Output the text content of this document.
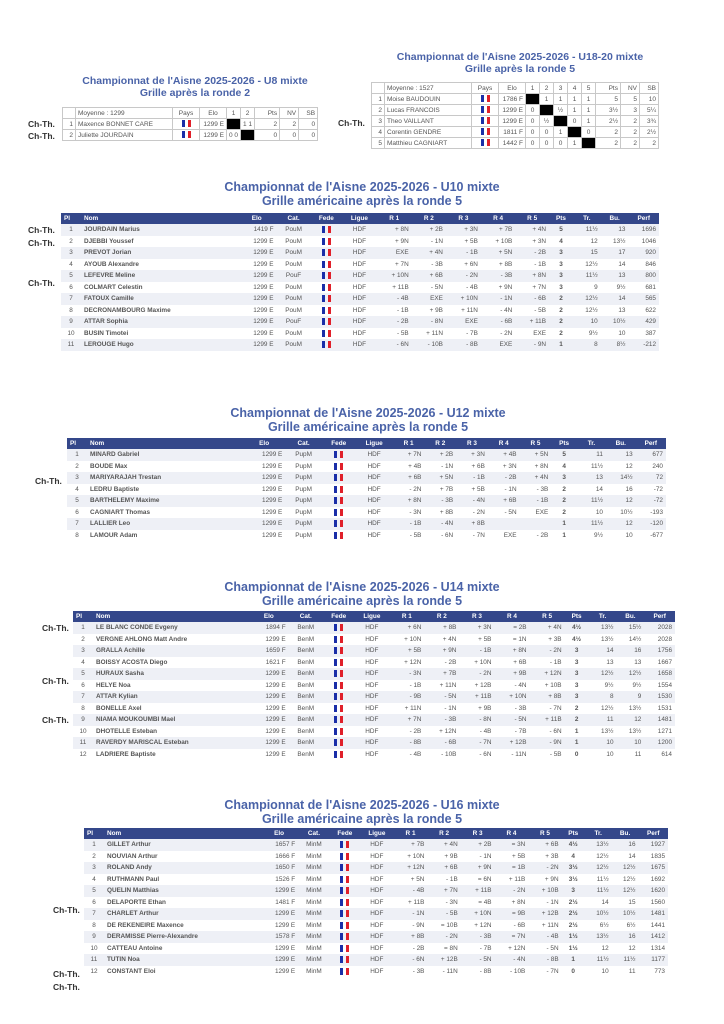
Championnat de l'Aisne 2025-2026 - U8 mixte
Grille après la ronde 2
Ch-Th.
Ch-Th.
	Moyenne : 1299	Pays	Elo	1	2	Pts	NV	SB
1	Maxence BONNET CARE		1299 E		1 1	2	2	0
2	Juliette JOURDAIN		1299 E	0 0		0	0	0
Championnat de l'Aisne 2025-2026 - U18-20 mixte
Grille après la ronde 5
Ch-Th.
	Moyenne : 1527	Pays	Elo	1	2	3	4	5	Pts	NV	SB
1	Moise BAUDOUIN		1786 F		1	1	1	1	5	5	10
2	Lucas FRANCOIS		1299 E	0		½	1	1	3½	3	5¼
3	Theo VAILLANT		1299 E	0	½		0	1	2½	2	3¾
4	Corentin GENDRE		1811 F	0	0	1		0	2	2	2½
5	Matthieu CAGNIART		1442 F	0	0	0	1		2	2	2
Championnat de l'Aisne 2025-2026 - U10 mixte
Grille américaine après la ronde 5
Ch-Th.
Ch-Th.
Ch-Th.
Pl	Nom	Elo	Cat.	Fede	Ligue	R 1	R 2	R 3	R 4	R 5	Pts	Tr.	Bu.	Perf
1	JOURDAIN Marius	1419 F	PouM		HDF	+ 8N	+ 2B	+ 3N	+ 7B	+ 4N	5	11½	13	1696
2	DJEBBI Youssef	1299 E	PouM		HDF	+ 9N	- 1N	+ 5B	+ 10B	+ 3N	4	12	13½	1046
3	PREVOT Jorian	1299 E	PouM		HDF	EXE	+ 4N	- 1B	+ 5N	- 2B	3	15	17	920
4	AYOUB Alexandre	1299 E	PouM		HDF	+ 7N	- 3B	+ 6N	+ 8B	- 1B	3	12½	14	846
5	LEFEVRE Meline	1299 E	PouF		HDF	+ 10N	+ 6B	- 2N	- 3B	+ 8N	3	11½	13	800
6	COLMART Celestin	1299 E	PouM		HDF	+ 11B	- 5N	- 4B	+ 9N	+ 7N	3	9	9½	681
7	FATOUX Camille	1299 E	PouM		HDF	- 4B	EXE	+ 10N	- 1N	- 6B	2	12½	14	565
8	DECRONAMBOURG Maxime	1299 E	PouM		HDF	- 1B	+ 9B	+ 11N	- 4N	- 5B	2	12½	13	622
9	ATTAR Sophia	1299 E	PouF		HDF	- 2B	- 8N	EXE	- 6B	+ 11B	2	10	10½	429
10	BUSIN Timotei	1299 E	PouM		HDF	- 5B	+ 11N	- 7B	- 2N	EXE	2	9½	10	387
11	LEROUGE Hugo	1299 E	PouM		HDF	- 6N	- 10B	- 8B	EXE	- 9N	1	8	8½	-212
Championnat de l'Aisne 2025-2026 - U12 mixte
Grille américaine après la ronde 5
Ch-Th.
Pl	Nom	Elo	Cat.	Fede	Ligue	R 1	R 2	R 3	R 4	R 5	Pts	Tr.	Bu.	Perf
1	MINARD Gabriel	1299 E	PupM		HDF	+ 7N	+ 2B	+ 3N	+ 4B	+ 5N	5	11	13	677
2	BOUDE Max	1299 E	PupM		HDF	+ 4B	- 1N	+ 6B	+ 3N	+ 8N	4	11½	12	240
3	MARIYARAJAH Trestan	1299 E	PupM		HDF	+ 6B	+ 5N	- 1B	- 2B	+ 4N	3	13	14½	72
4	LEDRU Baptiste	1299 E	PupM		HDF	- 2N	+ 7B	+ 5B	- 1N	- 3B	2	14	16	-72
5	BARTHELEMY Maxime	1299 E	PupM		HDF	+ 8N	- 3B	- 4N	+ 6B	- 1B	2	11½	12	-72
6	CAGNIART Thomas	1299 E	PupM		HDF	- 3N	+ 8B	- 2N	- 5N	EXE	2	10	10½	-193
7	LALLIER Leo	1299 E	PupM		HDF	- 1B	- 4N	+ 8B			1	11½	12	-120
8	LAMOUR Adam	1299 E	PupM		HDF	- 5B	- 6N	- 7N	EXE	- 2B	1	9½	10	-677
Championnat de l'Aisne 2025-2026 - U14 mixte
Grille américaine après la ronde 5
Ch-Th.
Ch-Th.
Ch-Th.
Pl	Nom	Elo	Cat.	Fede	Ligue	R 1	R 2	R 3	R 4	R 5	Pts	Tr.	Bu.	Perf
1	LE BLANC CONDE Evgeny	1894 F	BenM		HDF	+ 6N	+ 8B	+ 3N	= 2B	+ 4N	4½	13½	15½	2028
2	VERGNE AHLONG Matt Andre	1299 E	BenM		HDF	+ 10N	+ 4N	+ 5B	= 1N	+ 3B	4½	13½	14½	2028
3	GRALLA Achille	1659 F	BenM		HDF	+ 5B	+ 9N	- 1B	+ 8N	- 2N	3	14	16	1756
4	BOISSY ACOSTA Diego	1621 F	BenM		HDF	+ 12N	- 2B	+ 10N	+ 6B	- 1B	3	13	13	1667
5	HURAUX Sasha	1299 E	BenM		HDF	- 3N	+ 7B	- 2N	+ 9B	+ 12N	3	12½	12½	1658
6	HELYE Noa	1299 E	BenM		HDF	- 1B	+ 11N	+ 12B	- 4N	+ 10B	3	9½	9½	1554
7	ATTAR Kylian	1299 E	BenM		HDF	- 9B	- 5N	+ 11B	+ 10N	+ 8B	3	8	9	1530
8	BONELLE Axel	1299 E	BenM		HDF	+ 11N	- 1N	+ 9B	- 3B	- 7N	2	12½	13½	1531
9	NIAMA MOUKOUMBI Mael	1299 E	BenM		HDF	+ 7N	- 3B	- 8N	- 5N	+ 11B	2	11	12	1481
10	DHOTELLE Esteban	1299 E	BenM		HDF	- 2B	+ 12N	- 4B	- 7B	- 6N	1	13½	13½	1271
11	RAVERDY MARISCAL Esteban	1299 E	BenM		HDF	- 8B	- 6B	- 7N	+ 12B	- 9N	1	10	10	1200
12	LADRIERE Baptiste	1299 E	BenM		HDF	- 4B	- 10B	- 6N	- 11N	- 5B	0	10	11	614
Championnat de l'Aisne 2025-2026 - U16 mixte
Grille américaine après la ronde 5
Ch-Th.
Ch-Th.
Ch-Th.
Pl	Nom	Elo	Cat.	Fede	Ligue	R 1	R 2	R 3	R 4	R 5	Pts	Tr.	Bu.	Perf
1	GILLET Arthur	1657 F	MinM		HDF	+ 7B	+ 4N	+ 2B	= 3N	+ 6B	4½	13½	16	1927
2	NOUVIAN Arthur	1666 F	MinM		HDF	+ 10N	+ 9B	- 1N	+ 5B	+ 3B	4	12½	14	1835
3	ROLAND Andy	1650 F	MinM		HDF	+ 12N	+ 6B	+ 9N	= 1B	- 2N	3½	12½	12½	1675
4	RUTHMANN Paul	1526 F	MinM		HDF	+ 5N	- 1B	= 6N	+ 11B	+ 9N	3½	11½	12½	1692
5	QUELIN Matthias	1299 E	MinM		HDF	- 4B	+ 7N	+ 11B	- 2N	+ 10B	3	11½	12½	1620
6	DELAPORTE Ethan	1481 F	MinM		HDF	+ 11B	- 3N	= 4B	+ 8N	- 1N	2½	14	15	1560
7	CHARLET Arthur	1299 E	MinM		HDF	- 1N	- 5B	+ 10N	= 9B	+ 12B	2½	10½	10½	1481
8	DE REKENEIRE Maxence	1299 E	MinM		HDF	- 9N	= 10B	+ 12N	- 6B	+ 11N	2½	6½	6½	1441
9	DERAMISSE Pierre-Alexandre	1578 F	MinM		HDF	+ 8B	- 2N	- 3B	= 7N	- 4B	1½	13½	16	1412
10	CATTEAU Antoine	1299 E	MinM		HDF	- 2B	= 8N	- 7B	+ 12N	- 5N	1½	12	12	1314
11	TUTIN Noa	1299 E	MinM		HDF	- 6N	+ 12B	- 5N	- 4N	- 8B	1	11½	11½	1177
12	CONSTANT Eloi	1299 E	MinM		HDF	- 3B	- 11N	- 8B	- 10B	- 7N	0	10	11	773
